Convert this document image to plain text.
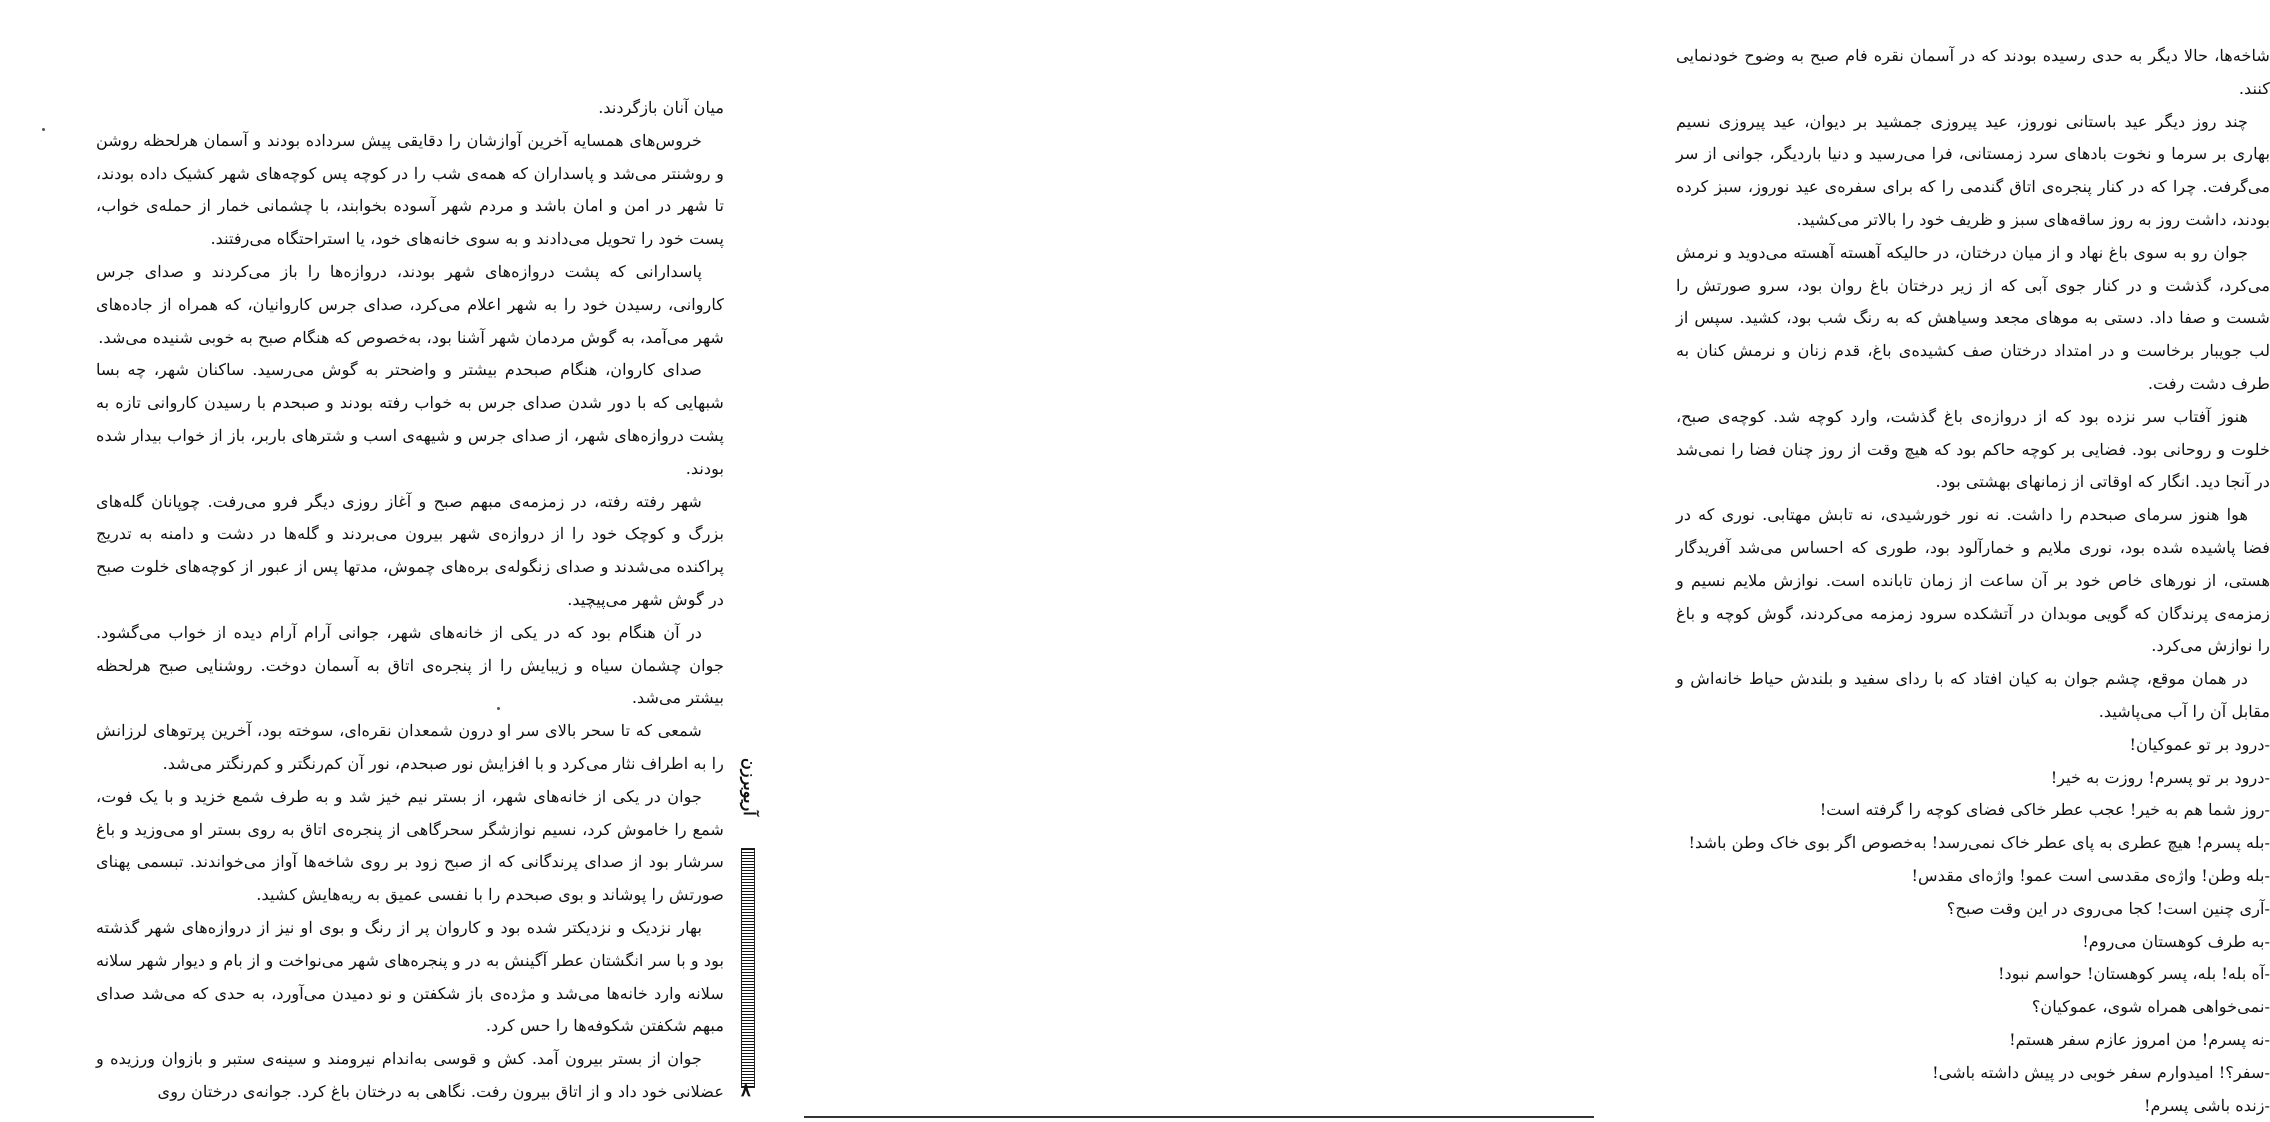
میان آنان بازگردند.

خروس‌های همسایه آخرین آوازشان را دقایقی پیش سرداده بودند و آسمان هرلحظه روشن و روشنتر می‌شد و پاسداران که همه‌ی شب را در کوچه پس کوچه‌های شهر کشیک داده بودند، تا شهر در امن و امان باشد و مردم شهر آسوده بخوابند، با چشمانی خمار از حمله‌ی خواب، پست خود را تحویل می‌دادند و به سوی خانه‌های خود، یا استراحتگاه می‌رفتند.

پاسدارانی که پشت دروازه‌های شهر بودند، دروازه‌ها را باز می‌کردند و صدای جرس کاروانی، رسیدن خود را به شهر اعلام می‌کرد، صدای جرس کاروانیان، که همراه از جاده‌های شهر می‌آمد، به گوش مردمان شهر آشنا بود، به‌خصوص که هنگام صبح به خوبی شنیده می‌شد.

صدای کاروان، هنگام صبحدم بیشتر و واضحتر به گوش می‌رسید. ساکنان شهر، چه بسا شبهایی که با دور شدن صدای جرس به خواب رفته بودند و صبحدم با رسیدن کاروانی تازه به پشت دروازه‌های شهر، از صدای جرس و شیهه‌ی اسب و شترهای باربر، باز از خواب بیدار شده بودند.

شهر رفته رفته، در زمزمه‌ی مبهم صبح و آغاز روزی دیگر فرو می‌رفت. چوپانان گله‌های بزرگ و کوچک خود را از دروازه‌ی شهر بیرون می‌بردند و گله‌ها در دشت و دامنه به تدریج پراکنده می‌شدند و صدای زنگوله‌ی بره‌های چموش، مدتها پس از عبور از کوچه‌های خلوت صبح در گوش شهر می‌پیچید.

در آن هنگام بود که در یکی از خانه‌های شهر، جوانی آرام آرام دیده از خواب می‌گشود. جوان چشمان سیاه و زیبایش را از پنجره‌ی اتاق به آسمان دوخت. روشنایی صبح هرلحظه بیشتر می‌شد.

شمعی که تا سحر بالای سر او درون شمعدان نقره‌ای، سوخته بود، آخرین پرتوهای لرزانش را به اطراف نثار می‌کرد و با افزایش نور صبحدم، نور آن کم‌رنگتر و کم‌رنگتر می‌شد.

جوان در یکی از خانه‌های شهر، از بستر نیم خیز شد و به طرف شمع خزید و با یک فوت، شمع را خاموش کرد، نسیم نوازشگر سحرگاهی از پنجره‌ی اتاق به روی بستر او می‌وزید و باغ سرشار بود از صدای پرندگانی که از صبح زود بر روی شاخه‌ها آواز می‌خواندند. تبسمی پهنای صورتش را پوشاند و بوی صبحدم را با نفسی عمیق به ریه‌هایش کشید.

بهار نزدیک و نزدیکتر شده بود و کاروان پر از رنگ و بوی او نیز از دروازه‌های شهر گذشته بود و با سر انگشتان عطر آگینش به در و پنجره‌های شهر می‌نواخت و از بام و دیوار شهر سلانه سلانه وارد خانه‌ها می‌شد و مژده‌ی باز شکفتن و نو دمیدن می‌آورد، به حدی که می‌شد صدای مبهم شکفتن شکوفه‌ها را حس کرد.

جوان از بستر بیرون آمد. کش و قوسی به‌اندام نیرومند و سینه‌ی ستبر و بازوان ورزیده و عضلانی خود داد و از اتاق بیرون رفت. نگاهی به درختان باغ کرد. جوانه‌ی درختان روی

آریوبرزن
۸

شاخه‌ها، حالا دیگر به حدی رسیده بودند که در آسمان نقره فام صبح به وضوح خودنمایی کنند.

چند روز دیگر عید باستانی نوروز، عید پیروزی جمشید بر دیوان، عید پیروزی نسیم بهاری بر سرما و نخوت بادهای سرد زمستانی، فرا می‌رسید و دنیا باردیگر، جوانی از سر می‌گرفت. چرا که در کنار پنجره‌ی اتاق گندمی را که برای سفره‌ی عید نوروز، سبز کرده بودند، داشت روز به روز ساقه‌های سبز و ظریف خود را بالاتر می‌کشید.

جوان رو به سوی باغ نهاد و از میان درختان، در حالیکه آهسته آهسته می‌دوید و نرمش می‌کرد، گذشت و در کنار جوی آبی که از زیر درختان باغ روان بود، سرو صورتش را شست و صفا داد. دستی به موهای مجعد وسیاهش که به رنگ شب بود، کشید. سپس از لب جویبار برخاست و در امتداد درختان صف کشیده‌ی باغ، قدم زنان و نرمش کنان به طرف دشت رفت.

هنوز آفتاب سر نزده بود که از دروازه‌ی باغ گذشت، وارد کوچه شد. کوچه‌ی صبح، خلوت و روحانی بود. فضایی بر کوچه حاکم بود که هیچ وقت از روز چنان فضا را نمی‌شد در آنجا دید. انگار که اوقاتی از زمانهای بهشتی بود.

هوا هنوز سرمای صبحدم را داشت. نه نور خورشیدی، نه تابش مهتابی. نوری که در فضا پاشیده شده بود، نوری ملایم و خمارآلود بود، طوری که احساس می‌شد آفریدگار هستی، از نورهای خاص خود بر آن ساعت از زمان تابانده است. نوازش ملایم نسیم و زمزمه‌ی پرندگان که گویی موبدان در آتشکده سرود زمزمه می‌کردند، گوش کوچه و باغ را نوازش می‌کرد.

در همان موقع، چشم جوان به کیان افتاد که با ردای سفید و بلندش حیاط خانه‌اش و مقابل آن را آب می‌پاشید.

-درود بر تو عموکیان!

-درود بر تو پسرم! روزت به خیر!

-روز شما هم به خیر! عجب عطر خاکی فضای کوچه را گرفته است!

-بله پسرم! هیچ عطری به پای عطر خاک نمی‌رسد! به‌خصوص اگر بوی خاک وطن باشد!

-بله وطن! واژه‌ی مقدسی است عمو! واژه‌ای مقدس!

-آری چنین است! کجا می‌روی در این وقت صبح؟

-به طرف کوهستان می‌روم!

-آه بله! بله، پسر کوهستان! حواسم نبود!

-نمی‌خواهی همراه شوی، عموکیان؟

-نه پسرم! من امروز عازم سفر هستم!

-سفر؟! امیدوارم سفر خوبی در پیش داشته باشی!

-زنده باشی پسرم!
